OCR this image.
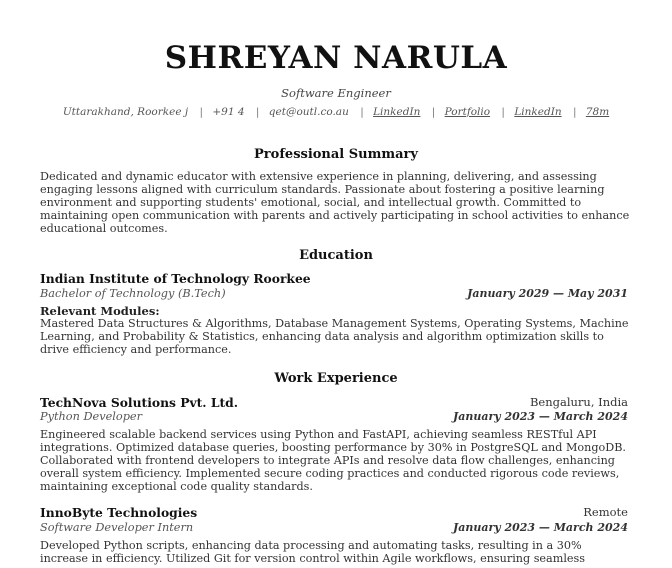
SHREYAN NARULA
Software Engineer
Uttarakhand, Roorkee j | +91 4 | qet@outl.co.au | LinkedIn | Portfolio | LinkedIn | 78m
Professional Summary
Dedicated and dynamic educator with extensive experience in planning, delivering, and assessing engaging lessons aligned with curriculum standards. Passionate about fostering a positive learning environment and supporting students' emotional, social, and intellectual growth. Committed to maintaining open communication with parents and actively participating in school activities to enhance educational outcomes.
Education
Indian Institute of Technology Roorkee
Bachelor of Technology (B.Tech)	January 2029 — May 2031
Relevant Modules:
Mastered Data Structures & Algorithms, Database Management Systems, Operating Systems, Machine Learning, and Probability & Statistics, enhancing data analysis and algorithm optimization skills to drive efficiency and performance.
Work Experience
TechNova Solutions Pvt. Ltd.	Bengaluru, India
Python Developer	January 2023 — March 2024
Engineered scalable backend services using Python and FastAPI, achieving seamless RESTful API integrations. Optimized database queries, boosting performance by 30% in PostgreSQL and MongoDB. Collaborated with frontend developers to integrate APIs and resolve data flow challenges, enhancing overall system efficiency. Implemented secure coding practices and conducted rigorous code reviews, maintaining exceptional code quality standards.
InnoByte Technologies	Remote
Software Developer Intern	January 2023 — March 2024
Developed Python scripts, enhancing data processing and automating tasks, resulting in a 30% increase in efficiency. Utilized Git for version control within Agile workflows, ensuring seamless
